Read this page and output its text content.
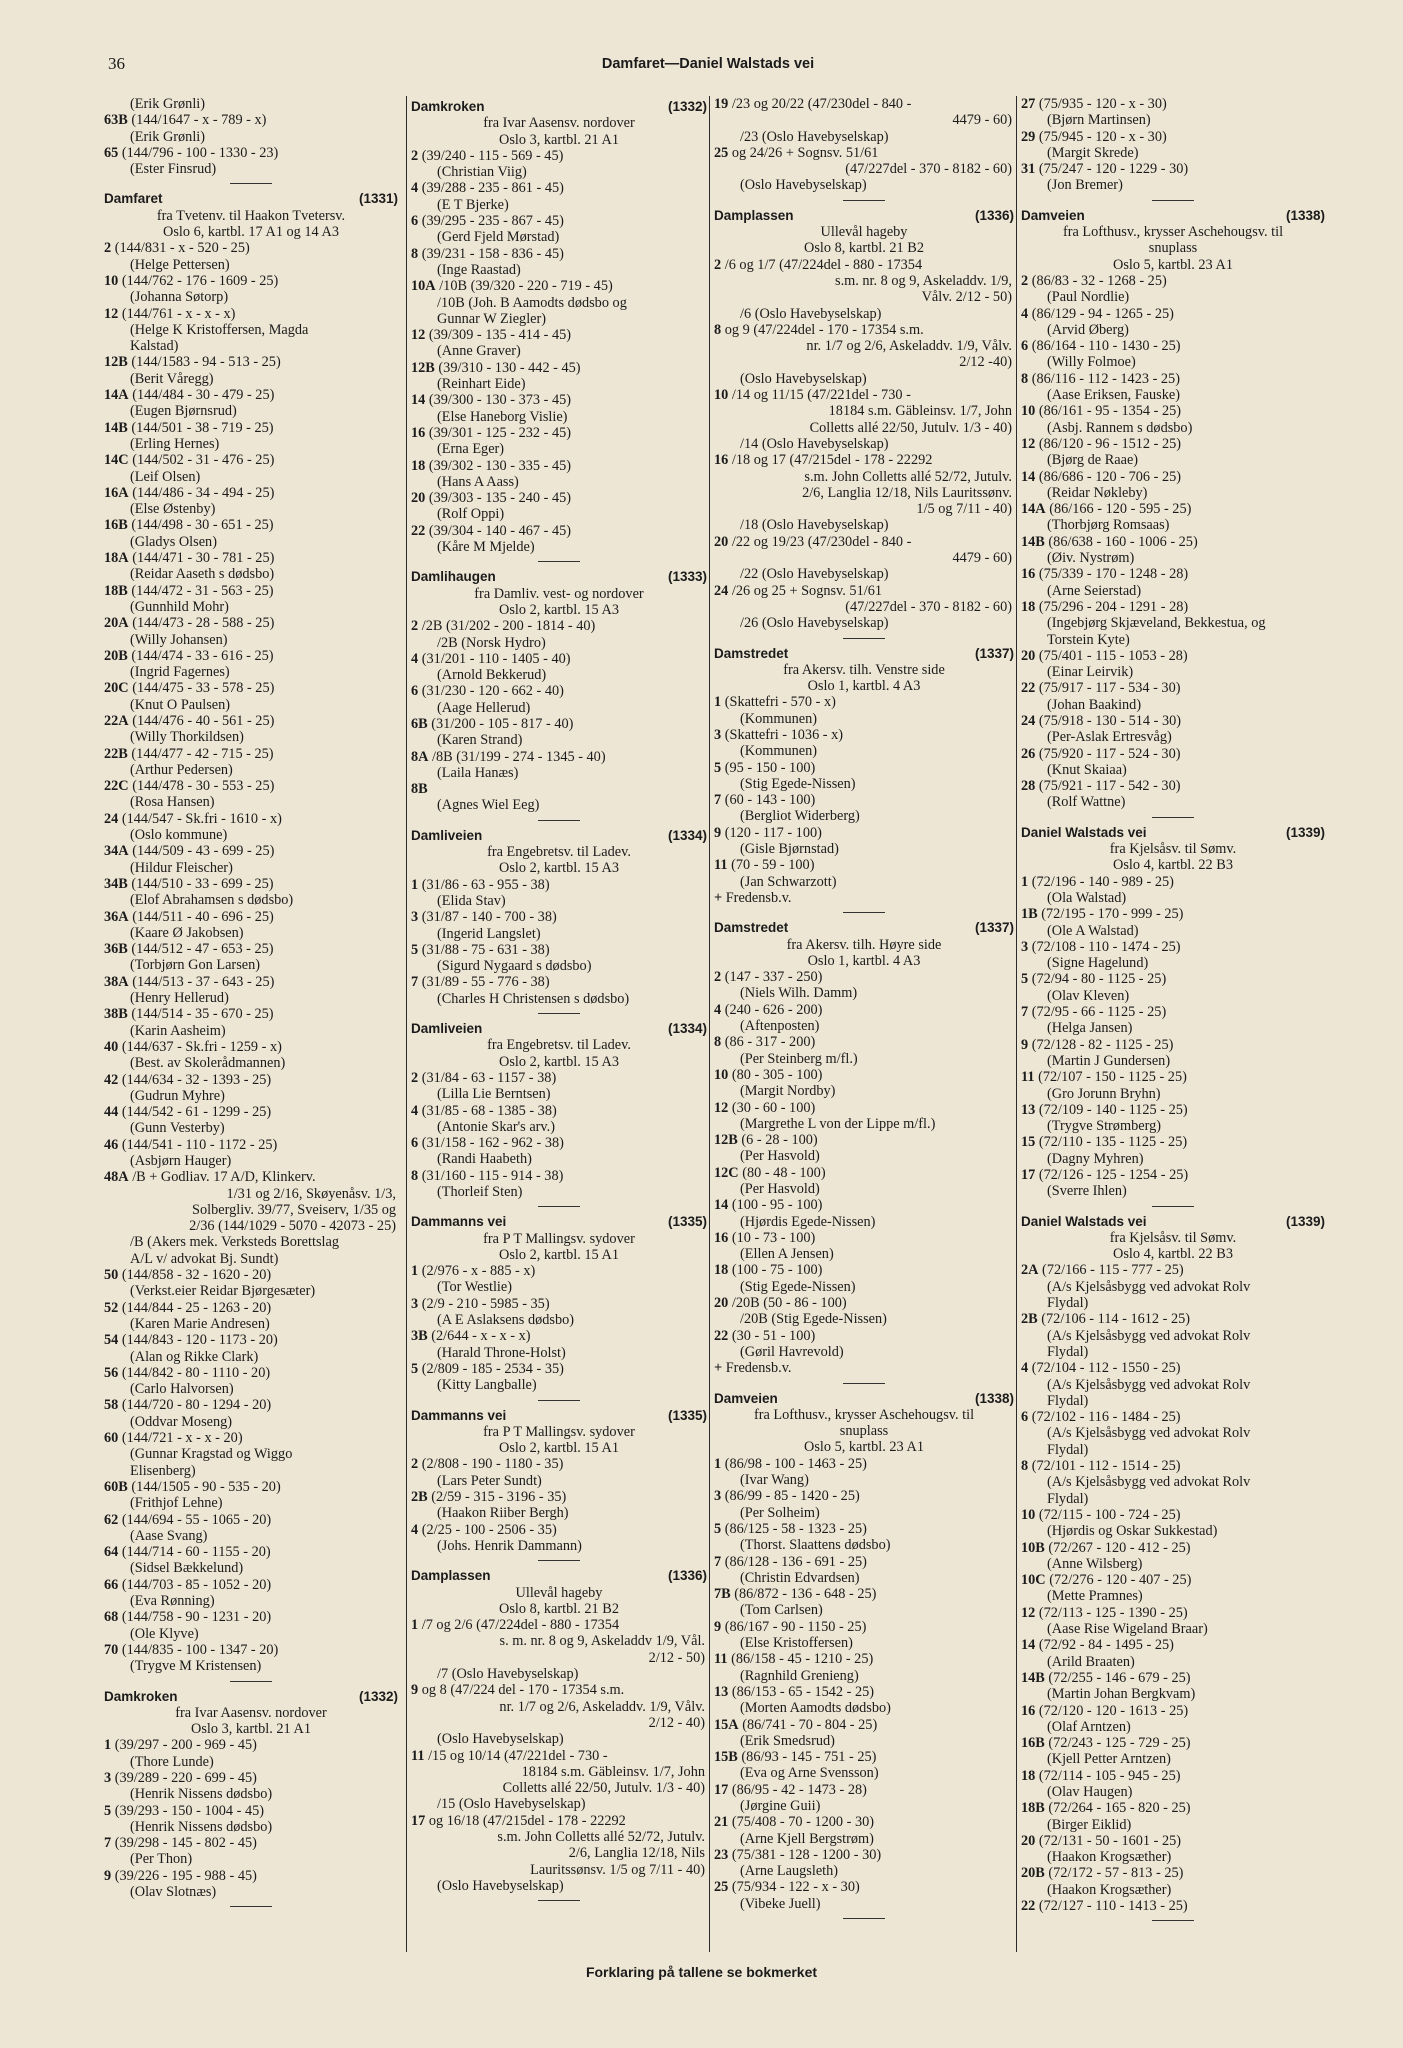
36	Damfaret—Daniel Walstads vei
(Erik Grønli)
63B (144/1647 - x - 789 - x)
(Erik Grønli)
65 (144/796 - 100 - 1330 - 23)
(Ester Finsrud)
Damfaret	(1331)
fra Tvetenv. til Haakon Tvetersv.
Oslo 6, kartbl. 17 A1 og 14 A3
2 (144/831 - x - 520 - 25)
(Helge Pettersen)
10 (144/762 - 176 - 1609 - 25)
(Johanna Søtorp)
12 (144/761 - x - x - x)
(Helge K Kristoffersen, Magda
Kalstad)
12B (144/1583 - 94 - 513 - 25)
(Berit Våregg)
14A (144/484 - 30 - 479 - 25)
(Eugen Bjørnsrud)
14B (144/501 - 38 - 719 - 25)
(Erling Hernes)
14C (144/502 - 31 - 476 - 25)
(Leif Olsen)
16A (144/486 - 34 - 494 - 25)
(Else Østenby)
16B (144/498 - 30 - 651 - 25)
(Gladys Olsen)
18A (144/471 - 30 - 781 - 25)
(Reidar Aaseth s dødsbo)
18B (144/472 - 31 - 563 - 25)
(Gunnhild Mohr)
20A (144/473 - 28 - 588 - 25)
(Willy Johansen)
20B (144/474 - 33 - 616 - 25)
(Ingrid Fagernes)
20C (144/475 - 33 - 578 - 25)
(Knut O Paulsen)
22A (144/476 - 40 - 561 - 25)
(Willy Thorkildsen)
22B (144/477 - 42 - 715 - 25)
(Arthur Pedersen)
22C (144/478 - 30 - 553 - 25)
(Rosa Hansen)
24 (144/547 - Sk.fri - 1610 - x)
(Oslo kommune)
34A (144/509 - 43 - 699 - 25)
(Hildur Fleischer)
34B (144/510 - 33 - 699 - 25)
(Elof Abrahamsen s dødsbo)
36A (144/511 - 40 - 696 - 25)
(Kaare Ø Jakobsen)
36B (144/512 - 47 - 653 - 25)
(Torbjørn Gon Larsen)
38A (144/513 - 37 - 643 - 25)
(Henry Hellerud)
38B (144/514 - 35 - 670 - 25)
(Karin Aasheim)
40 (144/637 - Sk.fri - 1259 - x)
(Best. av Skolerådmannen)
42 (144/634 - 32 - 1393 - 25)
(Gudrun Myhre)
44 (144/542 - 61 - 1299 - 25)
(Gunn Vesterby)
46 (144/541 - 110 - 1172 - 25)
(Asbjørn Hauger)
48A /B + Godliav. 17 A/D, Klinkerv.
1/31 og 2/16, Skøyenåsv. 1/3,
Solbergliv. 39/77, Sveiserv, 1/35 og
2/36 (144/1029 - 5070 - 42073 - 25)
/B (Akers mek. Verksteds Borettslag
A/L v/ advokat Bj. Sundt)
50 (144/858 - 32 - 1620 - 20)
(Verkst.eier Reidar Bjørgesæter)
52 (144/844 - 25 - 1263 - 20)
(Karen Marie Andresen)
54 (144/843 - 120 - 1173 - 20)
(Alan og Rikke Clark)
56 (144/842 - 80 - 1110 - 20)
(Carlo Halvorsen)
58 (144/720 - 80 - 1294 - 20)
(Oddvar Moseng)
60 (144/721 - x - x - 20)
(Gunnar Kragstad og Wiggo
Elisenberg)
60B (144/1505 - 90 - 535 - 20)
(Frithjof Lehne)
62 (144/694 - 55 - 1065 - 20)
(Aase Svang)
64 (144/714 - 60 - 1155 - 20)
(Sidsel Bækkelund)
66 (144/703 - 85 - 1052 - 20)
(Eva Rønning)
68 (144/758 - 90 - 1231 - 20)
(Ole Klyve)
70 (144/835 - 100 - 1347 - 20)
(Trygve M Kristensen)
Damkroken	(1332)
fra Ivar Aasensv. nordover
Oslo 3, kartbl. 21 A1
1 (39/297 - 200 - 969 - 45)
(Thore Lunde)
3 (39/289 - 220 - 699 - 45)
(Henrik Nissens dødsbo)
5 (39/293 - 150 - 1004 - 45)
(Henrik Nissens dødsbo)
7 (39/298 - 145 - 802 - 45)
(Per Thon)
9 (39/226 - 195 - 988 - 45)
(Olav Slotnæs)
Damkroken	(1332)
fra Ivar Aasensv. nordover
Oslo 3, kartbl. 21 A1
2 (39/240 - 115 - 569 - 45)
(Christian Viig)
4 (39/288 - 235 - 861 - 45)
(E T Bjerke)
6 (39/295 - 235 - 867 - 45)
(Gerd Fjeld Mørstad)
8 (39/231 - 158 - 836 - 45)
(Inge Raastad)
10A /10B (39/320 - 220 - 719 - 45)
/10B (Joh. B Aamodts dødsbo og
Gunnar W Ziegler)
12 (39/309 - 135 - 414 - 45)
(Anne Graver)
12B (39/310 - 130 - 442 - 45)
(Reinhart Eide)
14 (39/300 - 130 - 373 - 45)
(Else Haneborg Vislie)
16 (39/301 - 125 - 232 - 45)
(Erna Eger)
18 (39/302 - 130 - 335 - 45)
(Hans A Aass)
20 (39/303 - 135 - 240 - 45)
(Rolf Oppi)
22 (39/304 - 140 - 467 - 45)
(Kåre M Mjelde)
Damlihaugen	(1333)
fra Damliv. vest- og nordover
Oslo 2, kartbl. 15 A3
2 /2B (31/202 - 200 - 1814 - 40)
/2B (Norsk Hydro)
4 (31/201 - 110 - 1405 - 40)
(Arnold Bekkerud)
6 (31/230 - 120 - 662 - 40)
(Aage Hellerud)
6B (31/200 - 105 - 817 - 40)
(Karen Strand)
8A /8B (31/199 - 274 - 1345 - 40)
(Laila Hanæs)
8B
(Agnes Wiel Eeg)
Damliveien	(1334)
fra Engebretsv. til Ladev.
Oslo 2, kartbl. 15 A3
1 (31/86 - 63 - 955 - 38)
(Elida Stav)
3 (31/87 - 140 - 700 - 38)
(Ingerid Langslet)
5 (31/88 - 75 - 631 - 38)
(Sigurd Nygaard s dødsbo)
7 (31/89 - 55 - 776 - 38)
(Charles H Christensen s dødsbo)
Damliveien	(1334)
fra Engebretsv. til Ladev.
Oslo 2, kartbl. 15 A3
2 (31/84 - 63 - 1157 - 38)
(Lilla Lie Berntsen)
4 (31/85 - 68 - 1385 - 38)
(Antonie Skar's arv.)
6 (31/158 - 162 - 962 - 38)
(Randi Haabeth)
8 (31/160 - 115 - 914 - 38)
(Thorleif Sten)
Dammanns vei	(1335)
fra P T Mallingsv. sydover
Oslo 2, kartbl. 15 A1
1 (2/976 - x - 885 - x)
(Tor Westlie)
3 (2/9 - 210 - 5985 - 35)
(A E Aslaksens dødsbo)
3B (2/644 - x - x - x)
(Harald Throne-Holst)
5 (2/809 - 185 - 2534 - 35)
(Kitty Langballe)
Dammanns vei	(1335)
fra P T Mallingsv. sydover
Oslo 2, kartbl. 15 A1
2 (2/808 - 190 - 1180 - 35)
(Lars Peter Sundt)
2B (2/59 - 315 - 3196 - 35)
(Haakon Riiber Bergh)
4 (2/25 - 100 - 2506 - 35)
(Johs. Henrik Dammann)
Damplassen	(1336)
Ullevål hageby
Oslo 8, kartbl. 21 B2
1 /7 og 2/6 (47/224del - 880 - 17354
s. m. nr. 8 og 9, Askeladdv 1/9, Vål.
2/12 - 50)
/7 (Oslo Havebyselskap)
9 og 8 (47/224 del - 170 - 17354 s.m.
nr. 1/7 og 2/6, Askeladdv. 1/9, Vålv.
2/12 - 40)
(Oslo Havebyselskap)
11 /15 og 10/14 (47/221del - 730 -
18184 s.m. Gäbleinsv. 1/7, John
Colletts allé 22/50, Jutulv. 1/3 - 40)
/15 (Oslo Havebyselskap)
17 og 16/18 (47/215del - 178 - 22292
s.m. John Colletts allé 52/72, Jutulv.
2/6, Langlia 12/18, Nils
Lauritssønsv. 1/5 og 7/11 - 40)
(Oslo Havebyselskap)
19 /23 og 20/22 (47/230del - 840 -
4479 - 60)
/23 (Oslo Havebyselskap)
25 og 24/26 + Sognsv. 51/61
(47/227del - 370 - 8182 - 60)
(Oslo Havebyselskap)
Damplassen	(1336)
Ullevål hageby
Oslo 8, kartbl. 21 B2
2 /6 og 1/7 (47/224del - 880 - 17354
s.m. nr. 8 og 9, Askeladdv. 1/9,
Vålv. 2/12 - 50)
/6 (Oslo Havebyselskap)
8 og 9 (47/224del - 170 - 17354 s.m.
nr. 1/7 og 2/6, Askeladdv. 1/9, Vålv.
2/12 -40)
(Oslo Havebyselskap)
10 /14 og 11/15 (47/221del - 730 -
18184 s.m. Gäbleinsv. 1/7, John
Colletts allé 22/50, Jutulv. 1/3 - 40)
/14 (Oslo Havebyselskap)
16 /18 og 17 (47/215del - 178 - 22292
s.m. John Colletts allé 52/72, Jutulv.
2/6, Langlia 12/18, Nils Lauritssønv.
1/5 og 7/11 - 40)
/18 (Oslo Havebyselskap)
20 /22 og 19/23 (47/230del - 840 -
4479 - 60)
/22 (Oslo Havebyselskap)
24 /26 og 25 + Sognsv. 51/61
(47/227del - 370 - 8182 - 60)
/26 (Oslo Havebyselskap)
Damstredet	(1337)
fra Akersv. tilh. Venstre side
Oslo 1, kartbl. 4 A3
1 (Skattefri - 570 - x)
(Kommunen)
3 (Skattefri - 1036 - x)
(Kommunen)
5 (95 - 150 - 100)
(Stig Egede-Nissen)
7 (60 - 143 - 100)
(Bergliot Widerberg)
9 (120 - 117 - 100)
(Gisle Bjørnstad)
11 (70 - 59 - 100)
(Jan Schwarzott)
+ Fredensb.v.
Damstredet	(1337)
fra Akersv. tilh. Høyre side
Oslo 1, kartbl. 4 A3
2 (147 - 337 - 250)
(Niels Wilh. Damm)
4 (240 - 626 - 200)
(Aftenposten)
8 (86 - 317 - 200)
(Per Steinberg m/fl.)
10 (80 - 305 - 100)
(Margit Nordby)
12 (30 - 60 - 100)
(Margrethe L von der Lippe m/fl.)
12B (6 - 28 - 100)
(Per Hasvold)
12C (80 - 48 - 100)
(Per Hasvold)
14 (100 - 95 - 100)
(Hjørdis Egede-Nissen)
16 (10 - 73 - 100)
(Ellen A Jensen)
18 (100 - 75 - 100)
(Stig Egede-Nissen)
20 /20B (50 - 86 - 100)
/20B (Stig Egede-Nissen)
22 (30 - 51 - 100)
(Gøril Havrevold)
+ Fredensb.v.
Damveien	(1338)
fra Lofthusv., krysser Aschehougsv. til
snuplass
Oslo 5, kartbl. 23 A1
1 (86/98 - 100 - 1463 - 25)
(Ivar Wang)
3 (86/99 - 85 - 1420 - 25)
(Per Solheim)
5 (86/125 - 58 - 1323 - 25)
(Thorst. Slaattens dødsbo)
7 (86/128 - 136 - 691 - 25)
(Christin Edvardsen)
7B (86/872 - 136 - 648 - 25)
(Tom Carlsen)
9 (86/167 - 90 - 1150 - 25)
(Else Kristoffersen)
11 (86/158 - 45 - 1210 - 25)
(Ragnhild Grenieng)
13 (86/153 - 65 - 1542 - 25)
(Morten Aamodts dødsbo)
15A (86/741 - 70 - 804 - 25)
(Erik Smedsrud)
15B (86/93 - 145 - 751 - 25)
(Eva og Arne Svensson)
17 (86/95 - 42 - 1473 - 28)
(Jørgine Guii)
21 (75/408 - 70 - 1200 - 30)
(Arne Kjell Bergstrøm)
23 (75/381 - 128 - 1200 - 30)
(Arne Laugsleth)
25 (75/934 - 122 - x - 30)
(Vibeke Juell)
27 (75/935 - 120 - x - 30)
(Bjørn Martinsen)
29 (75/945 - 120 - x - 30)
(Margit Skrede)
31 (75/247 - 120 - 1229 - 30)
(Jon Bremer)
Damveien	(1338)
fra Lofthusv., krysser Aschehougsv. til
snuplass
Oslo 5, kartbl. 23 A1
2 (86/83 - 32 - 1268 - 25)
(Paul Nordlie)
4 (86/129 - 94 - 1265 - 25)
(Arvid Øberg)
6 (86/164 - 110 - 1430 - 25)
(Willy Folmoe)
8 (86/116 - 112 - 1423 - 25)
(Aase Eriksen, Fauske)
10 (86/161 - 95 - 1354 - 25)
(Asbj. Rannem s dødsbo)
12 (86/120 - 96 - 1512 - 25)
(Bjørg de Raae)
14 (86/686 - 120 - 706 - 25)
(Reidar Nøkleby)
14A (86/166 - 120 - 595 - 25)
(Thorbjørg Romsaas)
14B (86/638 - 160 - 1006 - 25)
(Øiv. Nystrøm)
16 (75/339 - 170 - 1248 - 28)
(Arne Seierstad)
18 (75/296 - 204 - 1291 - 28)
(Ingebjørg Skjæveland, Bekkestua, og
Torstein Kyte)
20 (75/401 - 115 - 1053 - 28)
(Einar Leirvik)
22 (75/917 - 117 - 534 - 30)
(Johan Baakind)
24 (75/918 - 130 - 514 - 30)
(Per-Aslak Ertresvåg)
26 (75/920 - 117 - 524 - 30)
(Knut Skaiaa)
28 (75/921 - 117 - 542 - 30)
(Rolf Wattne)
Daniel Walstads vei	(1339)
fra Kjelsåsv. til Sømv.
Oslo 4, kartbl. 22 B3
1 (72/196 - 140 - 989 - 25)
(Ola Walstad)
1B (72/195 - 170 - 999 - 25)
(Ole A Walstad)
3 (72/108 - 110 - 1474 - 25)
(Signe Hagelund)
5 (72/94 - 80 - 1125 - 25)
(Olav Kleven)
7 (72/95 - 66 - 1125 - 25)
(Helga Jansen)
9 (72/128 - 82 - 1125 - 25)
(Martin J Gundersen)
11 (72/107 - 150 - 1125 - 25)
(Gro Jorunn Bryhn)
13 (72/109 - 140 - 1125 - 25)
(Trygve Strømberg)
15 (72/110 - 135 - 1125 - 25)
(Dagny Myhren)
17 (72/126 - 125 - 1254 - 25)
(Sverre Ihlen)
Daniel Walstads vei	(1339)
fra Kjelsåsv. til Sømv.
Oslo 4, kartbl. 22 B3
2A (72/166 - 115 - 777 - 25)
(A/s Kjelsåsbygg ved advokat Rolv
Flydal)
2B (72/106 - 114 - 1612 - 25)
(A/s Kjelsåsbygg ved advokat Rolv
Flydal)
4 (72/104 - 112 - 1550 - 25)
(A/s Kjelsåsbygg ved advokat Rolv
Flydal)
6 (72/102 - 116 - 1484 - 25)
(A/s Kjelsåsbygg ved advokat Rolv
Flydal)
8 (72/101 - 112 - 1514 - 25)
(A/s Kjelsåsbygg ved advokat Rolv
Flydal)
10 (72/115 - 100 - 724 - 25)
(Hjørdis og Oskar Sukkestad)
10B (72/267 - 120 - 412 - 25)
(Anne Wilsberg)
10C (72/276 - 120 - 407 - 25)
(Mette Pramnes)
12 (72/113 - 125 - 1390 - 25)
(Aase Rise Wigeland Braar)
14 (72/92 - 84 - 1495 - 25)
(Arild Braaten)
14B (72/255 - 146 - 679 - 25)
(Martin Johan Bergkvam)
16 (72/120 - 120 - 1613 - 25)
(Olaf Arntzen)
16B (72/243 - 125 - 729 - 25)
(Kjell Petter Arntzen)
18 (72/114 - 105 - 945 - 25)
(Olav Haugen)
18B (72/264 - 165 - 820 - 25)
(Birger Eiklid)
20 (72/131 - 50 - 1601 - 25)
(Haakon Krogsæther)
20B (72/172 - 57 - 813 - 25)
(Haakon Krogsæther)
22 (72/127 - 110 - 1413 - 25)
Forklaring på tallene se bokmerket
